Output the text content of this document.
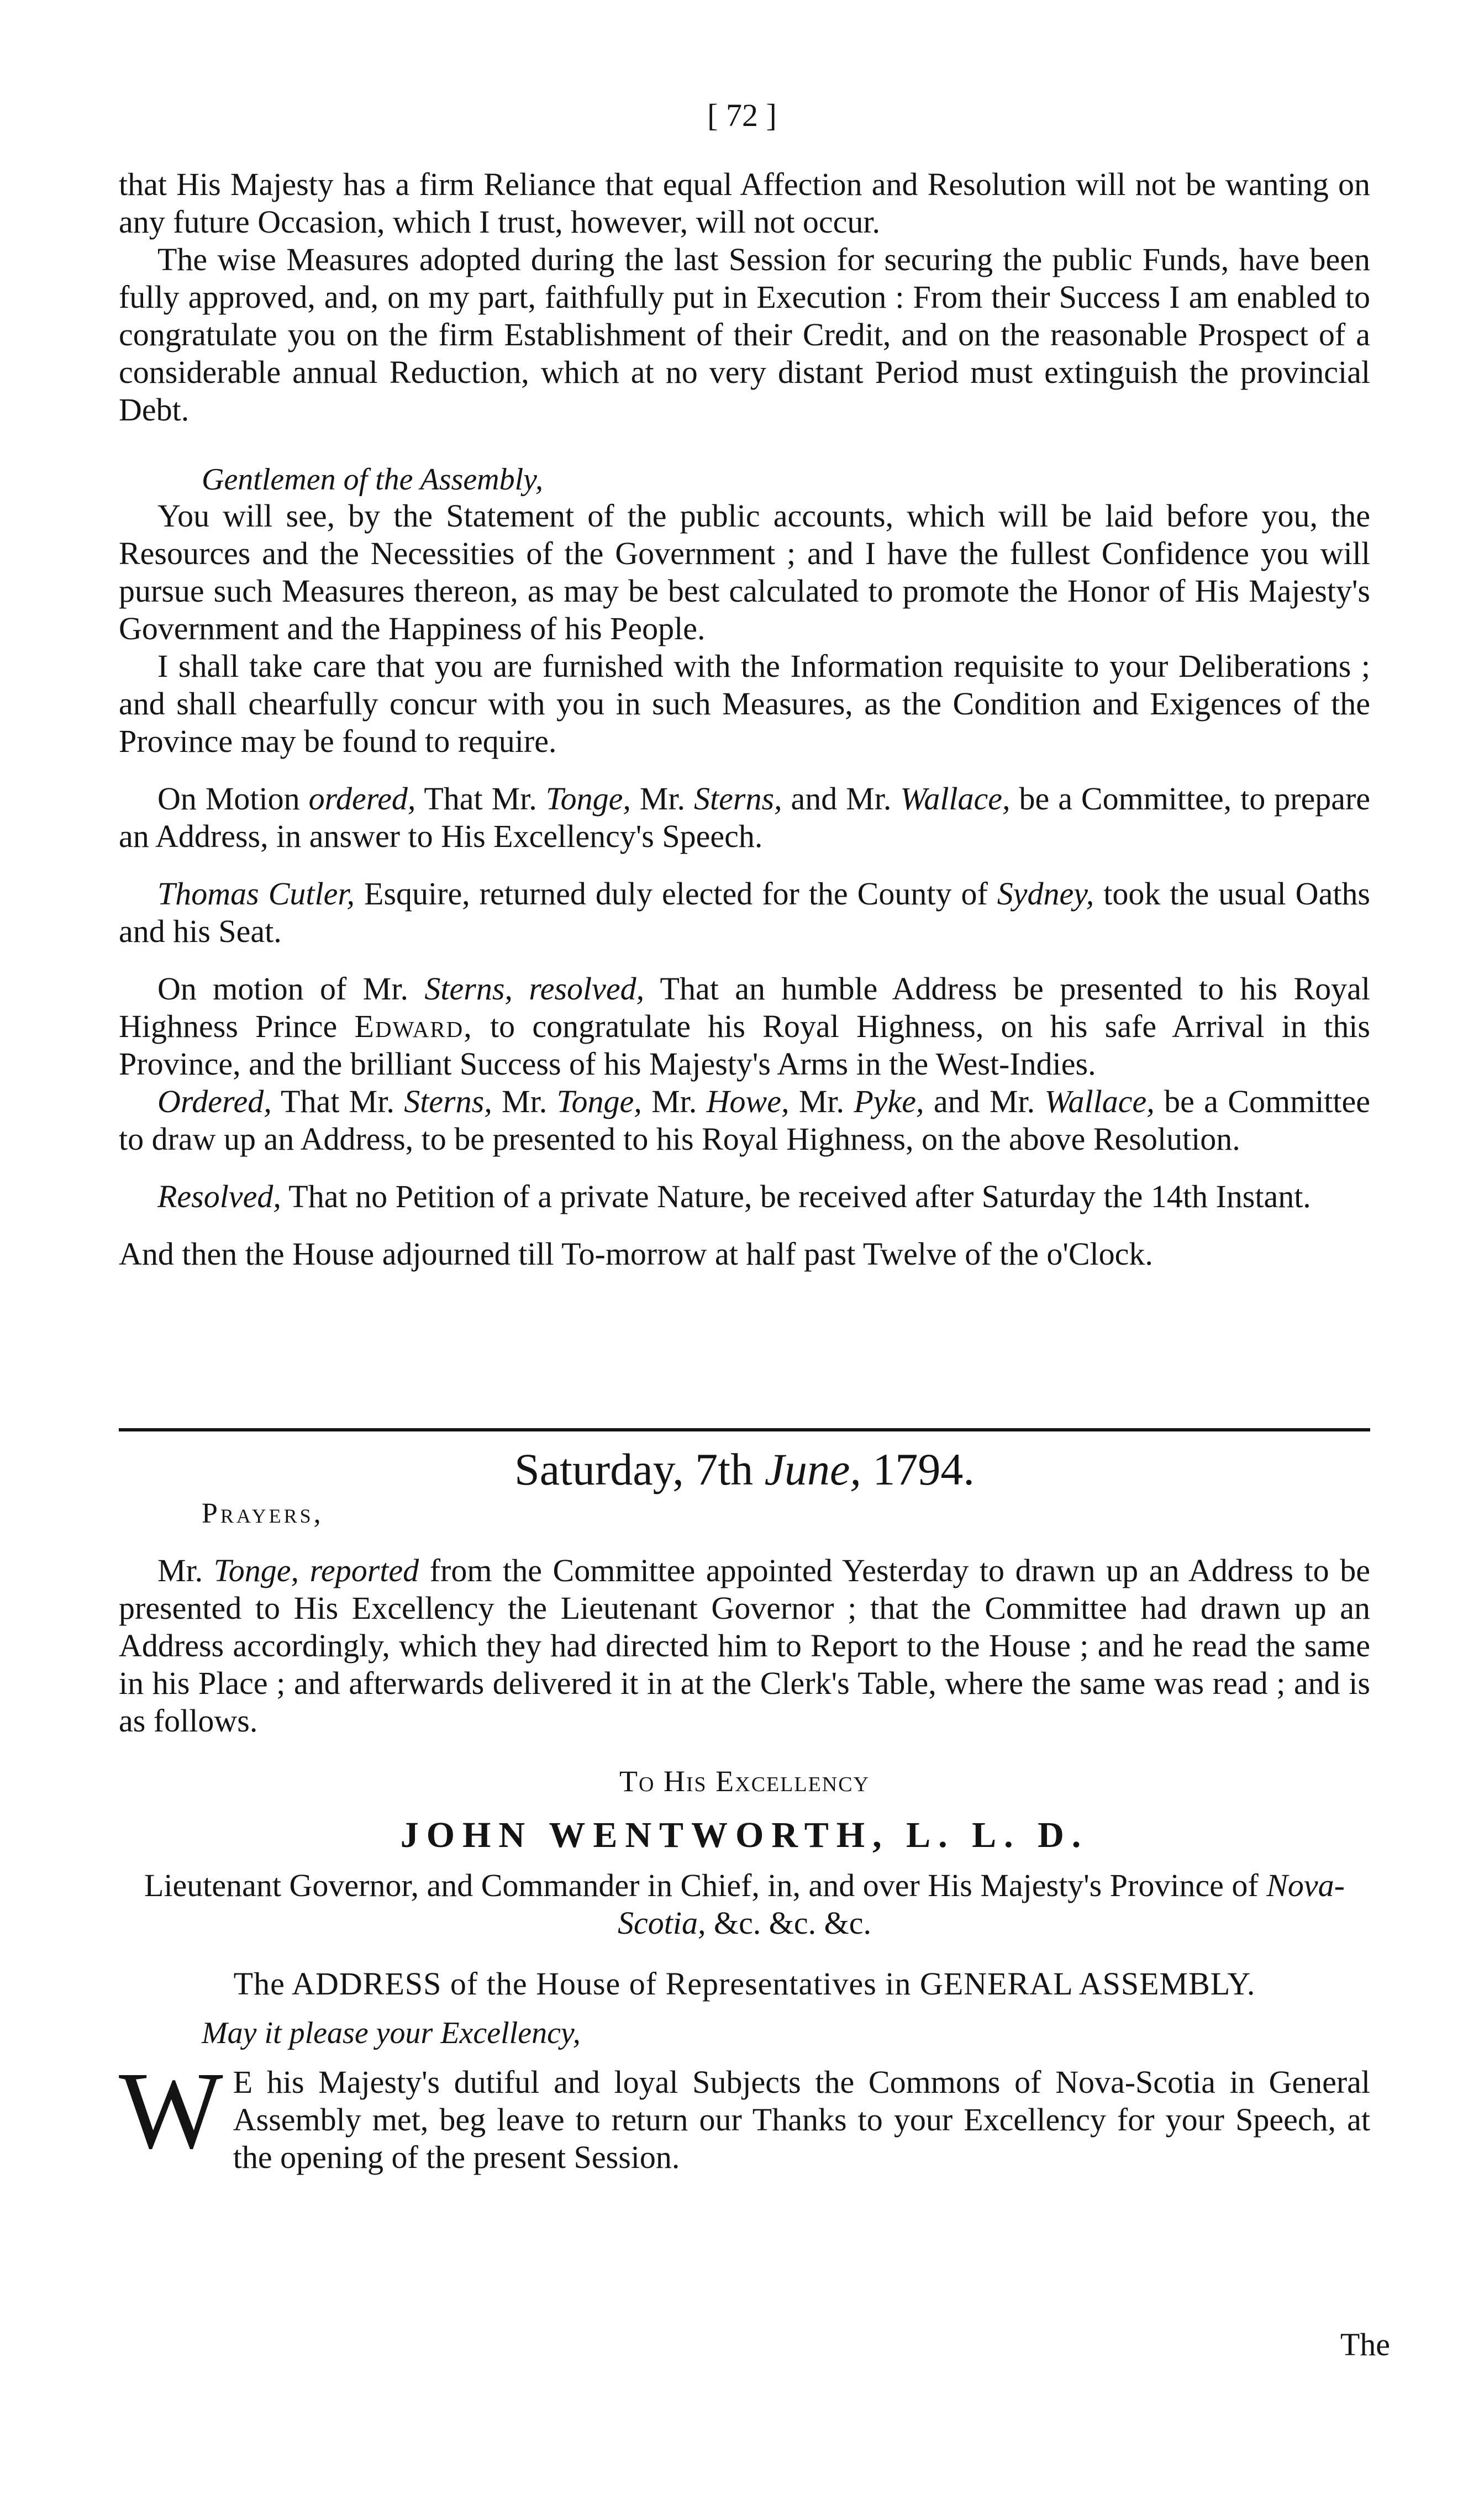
[ 72 ]

that His Majesty has a firm Reliance that equal Affection and Resolution will not be wanting on any future Occasion, which I trust, however, will not occur.

The wise Measures adopted during the last Session for securing the public Funds, have been fully approved, and, on my part, faithfully put in Execution : From their Success I am enabled to congratulate you on the firm Establishment of their Credit, and on the reasonable Prospect of a considerable annual Reduction, which at no very distant Period must extinguish the provincial Debt.

Gentlemen of the Assembly,

You will see, by the Statement of the public accounts, which will be laid before you, the Resources and the Necessities of the Government ; and I have the fullest Confidence you will pursue such Measures thereon, as may be best calculated to promote the Honor of His Majesty's Government and the Happiness of his People.

I shall take care that you are furnished with the Information requisite to your Deliberations ; and shall chearfully concur with you in such Measures, as the Condition and Exigences of the Province may be found to require.

On Motion ordered, That Mr. Tonge, Mr. Sterns, and Mr. Wallace, be a Committee, to prepare an Address, in answer to His Excellency's Speech.

Thomas Cutler, Esquire, returned duly elected for the County of Sydney, took the usual Oaths and his Seat.

On motion of Mr. Sterns, resolved, That an humble Address be presented to his Royal Highness Prince Edward, to congratulate his Royal Highness, on his safe Arrival in this Province, and the brilliant Success of his Majesty's Arms in the West-Indies.

Ordered, That Mr. Sterns, Mr. Tonge, Mr. Howe, Mr. Pyke, and Mr. Wallace, be a Committee to draw up an Address, to be presented to his Royal Highness, on the above Resolution.

Resolved, That no Petition of a private Nature, be received after Saturday the 14th Instant.

And then the House adjourned till To-morrow at half past Twelve of the o'Clock.

Saturday, 7th June, 1794.

Prayers,

Mr. Tonge, reported from the Committee appointed Yesterday to drawn up an Address to be presented to His Excellency the Lieutenant Governor ; that the Committee had drawn up an Address accordingly, which they had directed him to Report to the House ; and he read the same in his Place ; and afterwards delivered it in at the Clerk's Table, where the same was read ; and is as follows.

To His Excellency

JOHN WENTWORTH, L. L. D.

Lieutenant Governor, and Commander in Chief, in, and over His Majesty's Province of Nova-Scotia, &c. &c. &c.

The ADDRESS of the House of Representatives in GENERAL ASSEMBLY.

May it please your Excellency,

W E his Majesty's dutiful and loyal Subjects the Commons of Nova-Scotia in General Assembly met, beg leave to return our Thanks to your Excellency for your Speech, at the opening of the present Session.
The
